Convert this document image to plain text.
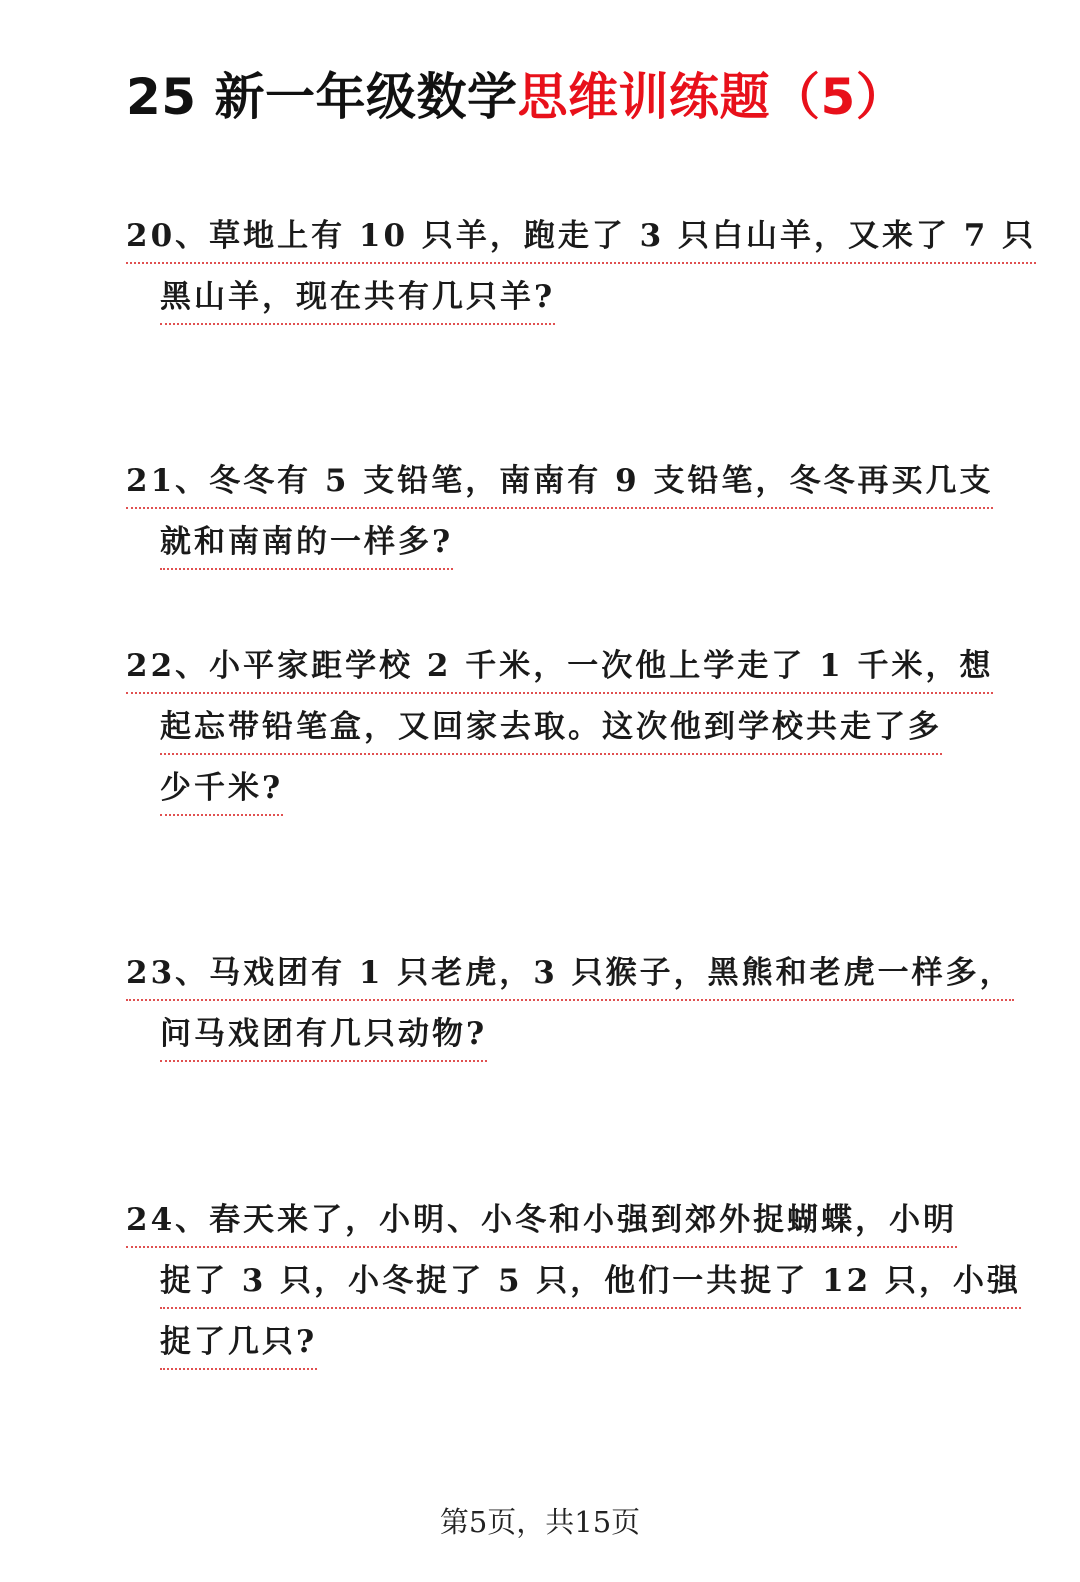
25 新一年级数学思维训练题（5）
20、草地上有 10 只羊，跑走了 3 只白山羊，又来了 7 只
黑山羊，现在共有几只羊?
21、冬冬有 5 支铅笔，南南有 9 支铅笔，冬冬再买几支
就和南南的一样多?
22、小平家距学校 2 千米，一次他上学走了 1 千米，想
起忘带铅笔盒，又回家去取。这次他到学校共走了多
少千米?
23、马戏团有 1 只老虎，3 只猴子，黑熊和老虎一样多，
问马戏团有几只动物?
24、春天来了，小明、小冬和小强到郊外捉蝴蝶，小明
捉了 3 只，小冬捉了 5 只，他们一共捉了 12 只，小强
捉了几只?
第5页，共15页
